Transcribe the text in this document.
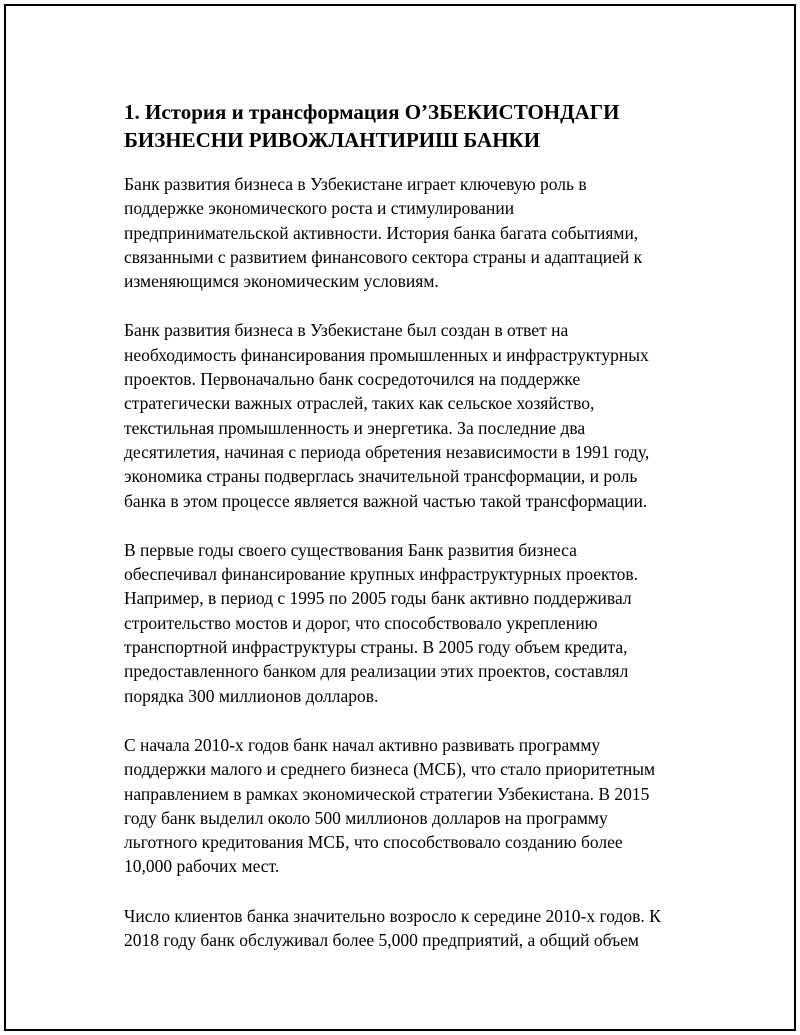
1. История и трансформация О’ЗБЕКИСТОНДАГИ
БИЗНЕСНИ РИВОЖЛАНТИРИШ БАНКИ

Банк развития бизнеса в Узбекистане играет ключевую роль в
поддержке экономического роста и стимулировании
предпринимательской активности. История банка багата событиями,
связанными с развитием финансового сектора страны и адаптацией к
изменяющимся экономическим условиям.

Банк развития бизнеса в Узбекистане был создан в ответ на
необходимость финансирования промышленных и инфраструктурных
проектов. Первоначально банк сосредоточился на поддержке
стратегически важных отраслей, таких как сельское хозяйство,
текстильная промышленность и энергетика. За последние два
десятилетия, начиная с периода обретения независимости в 1991 году,
экономика страны подверглась значительной трансформации, и роль
банка в этом процессе является важной частью такой трансформации.

В первые годы своего существования Банк развития бизнеса
обеспечивал финансирование крупных инфраструктурных проектов.
Например, в период с 1995 по 2005 годы банк активно поддерживал
строительство мостов и дорог, что способствовало укреплению
транспортной инфраструктуры страны. В 2005 году объем кредита,
предоставленного банком для реализации этих проектов, составлял
порядка 300 миллионов долларов.

С начала 2010-х годов банк начал активно развивать программу
поддержки малого и среднего бизнеса (МСБ), что стало приоритетным
направлением в рамках экономической стратегии Узбекистана. В 2015
году банк выделил около 500 миллионов долларов на программу
льготного кредитования МСБ, что способствовало созданию более
10,000 рабочих мест.

Число клиентов банка значительно возросло к середине 2010-х годов. К
2018 году банк обслуживал более 5,000 предприятий, а общий объем
